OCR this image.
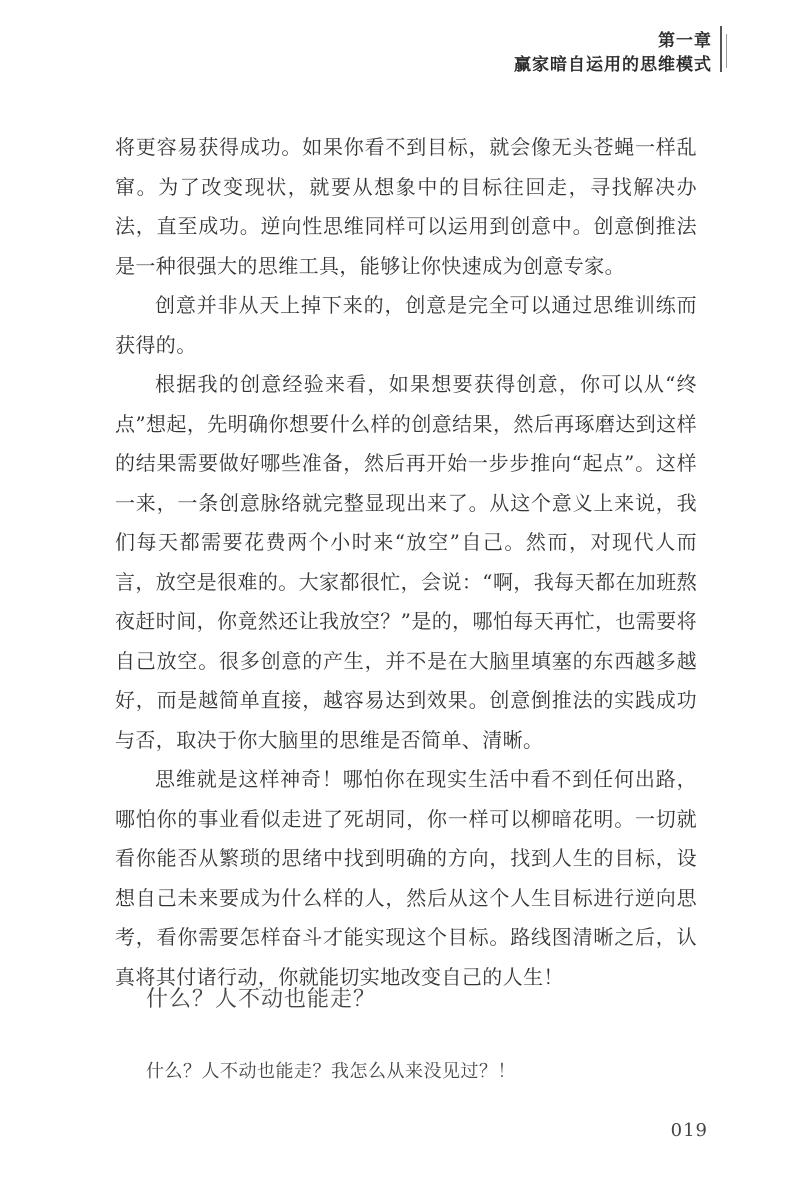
第一章
赢家暗自运用的思维模式

将更容易获得成功。如果你看不到目标，就会像无头苍蝇一样乱窜。为了改变现状，就要从想象中的目标往回走，寻找解决办法，直至成功。逆向性思维同样可以运用到创意中。创意倒推法是一种很强大的思维工具，能够让你快速成为创意专家。

创意并非从天上掉下来的，创意是完全可以通过思维训练而获得的。

根据我的创意经验来看，如果想要获得创意，你可以从“终点”想起，先明确你想要什么样的创意结果，然后再琢磨达到这样的结果需要做好哪些准备，然后再开始一步步推向“起点”。这样一来，一条创意脉络就完整显现出来了。从这个意义上来说，我们每天都需要花费两个小时来“放空”自己。然而，对现代人而言，放空是很难的。大家都很忙，会说：“啊，我每天都在加班熬夜赶时间，你竟然还让我放空？”是的，哪怕每天再忙，也需要将自己放空。很多创意的产生，并不是在大脑里填塞的东西越多越好，而是越简单直接，越容易达到效果。创意倒推法的实践成功与否，取决于你大脑里的思维是否简单、清晰。

思维就是这样神奇！哪怕你在现实生活中看不到任何出路，哪怕你的事业看似走进了死胡同，你一样可以柳暗花明。一切就看你能否从繁琐的思绪中找到明确的方向，找到人生的目标，设想自己未来要成为什么样的人，然后从这个人生目标进行逆向思考，看你需要怎样奋斗才能实现这个目标。路线图清晰之后，认真将其付诸行动，你就能切实地改变自己的人生！

什么？人不动也能走？
什么？人不动也能走？我怎么从来没见过？！
019
